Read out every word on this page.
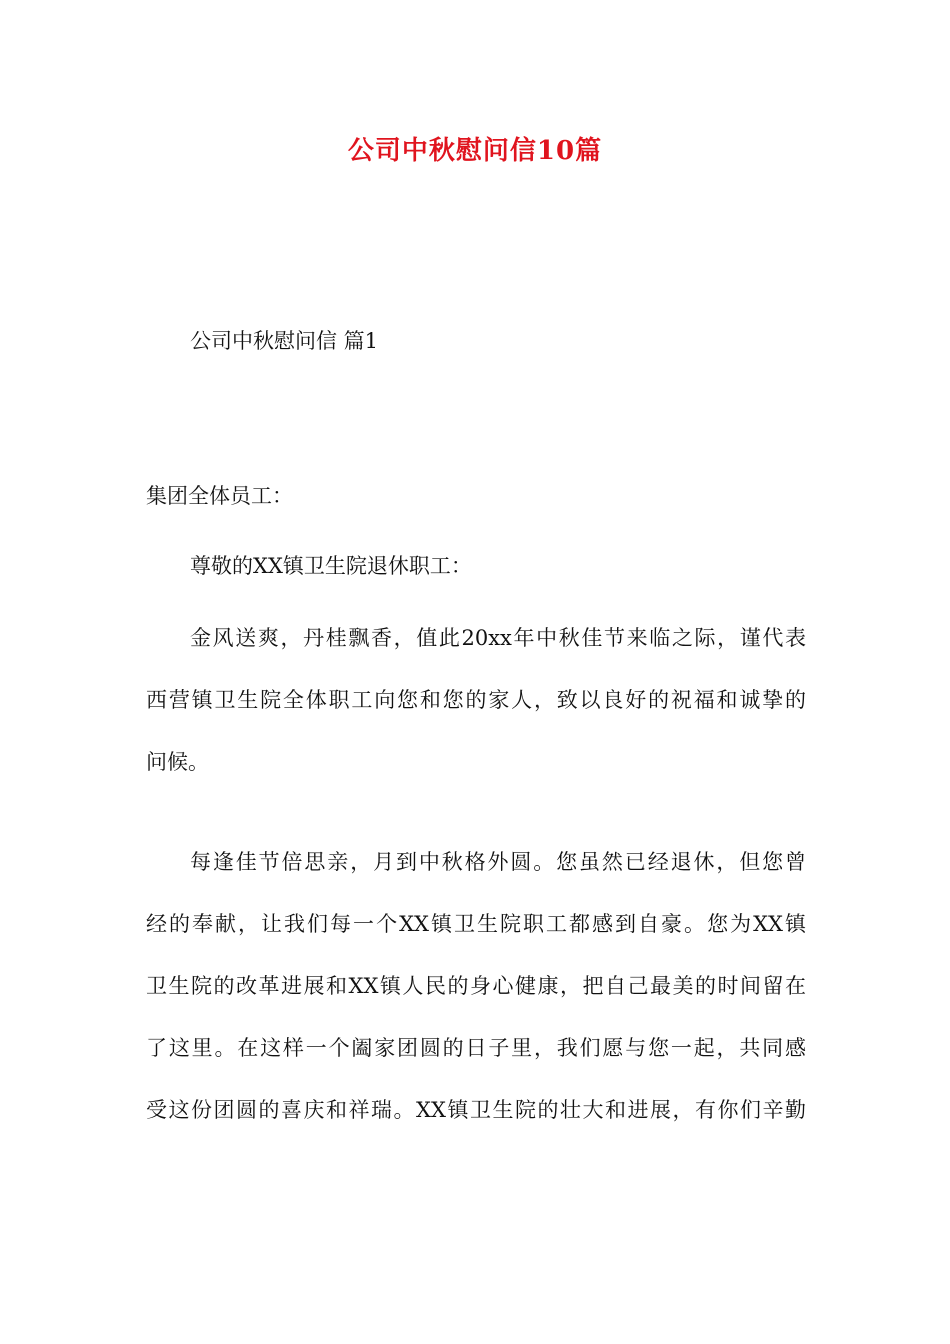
公司中秋慰问信10篇
公司中秋慰问信 篇1
集团全体员工：
尊敬的XX镇卫生院退休职工：
金风送爽，丹桂飘香，值此20xx年中秋佳节来临之际，谨代表
西营镇卫生院全体职工向您和您的家人，致以良好的祝福和诚挚的
问候。
每逢佳节倍思亲，月到中秋格外圆。您虽然已经退休，但您曾
经的奉献，让我们每一个XX镇卫生院职工都感到自豪。您为XX镇
卫生院的改革进展和XX镇人民的身心健康，把自己最美的时间留在
了这里。在这样一个阖家团圆的日子里，我们愿与您一起，共同感
受这份团圆的喜庆和祥瑞。XX镇卫生院的壮大和进展，有你们辛勤
